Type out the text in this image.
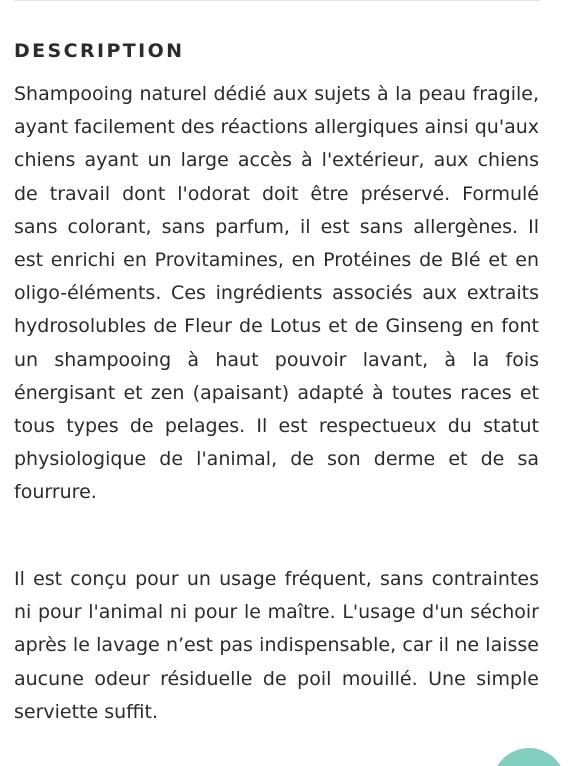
DESCRIPTION

Shampooing naturel dédié aux sujets à la peau fragile, ayant facilement des réactions allergiques ainsi qu'aux chiens ayant un large accès à l'extérieur, aux chiens de travail dont l'odorat doit être préservé. Formulé sans colorant, sans parfum, il est sans allergènes. Il est enrichi en Provitamines, en Protéines de Blé et en oligo-éléments. Ces ingrédients associés aux extraits hydrosolubles de Fleur de Lotus et de Ginseng en font un shampooing à haut pouvoir lavant, à la fois énergisant et zen (apaisant) adapté à toutes races et tous types de pelages. Il est respectueux du statut physiologique de l'animal, de son derme et de sa fourrure.

Il est conçu pour un usage fréquent, sans contraintes ni pour l'animal ni pour le maître. L'usage d'un séchoir après le lavage n’est pas indispensable, car il ne laisse aucune odeur résiduelle de poil mouillé. Une simple serviette suffit.
